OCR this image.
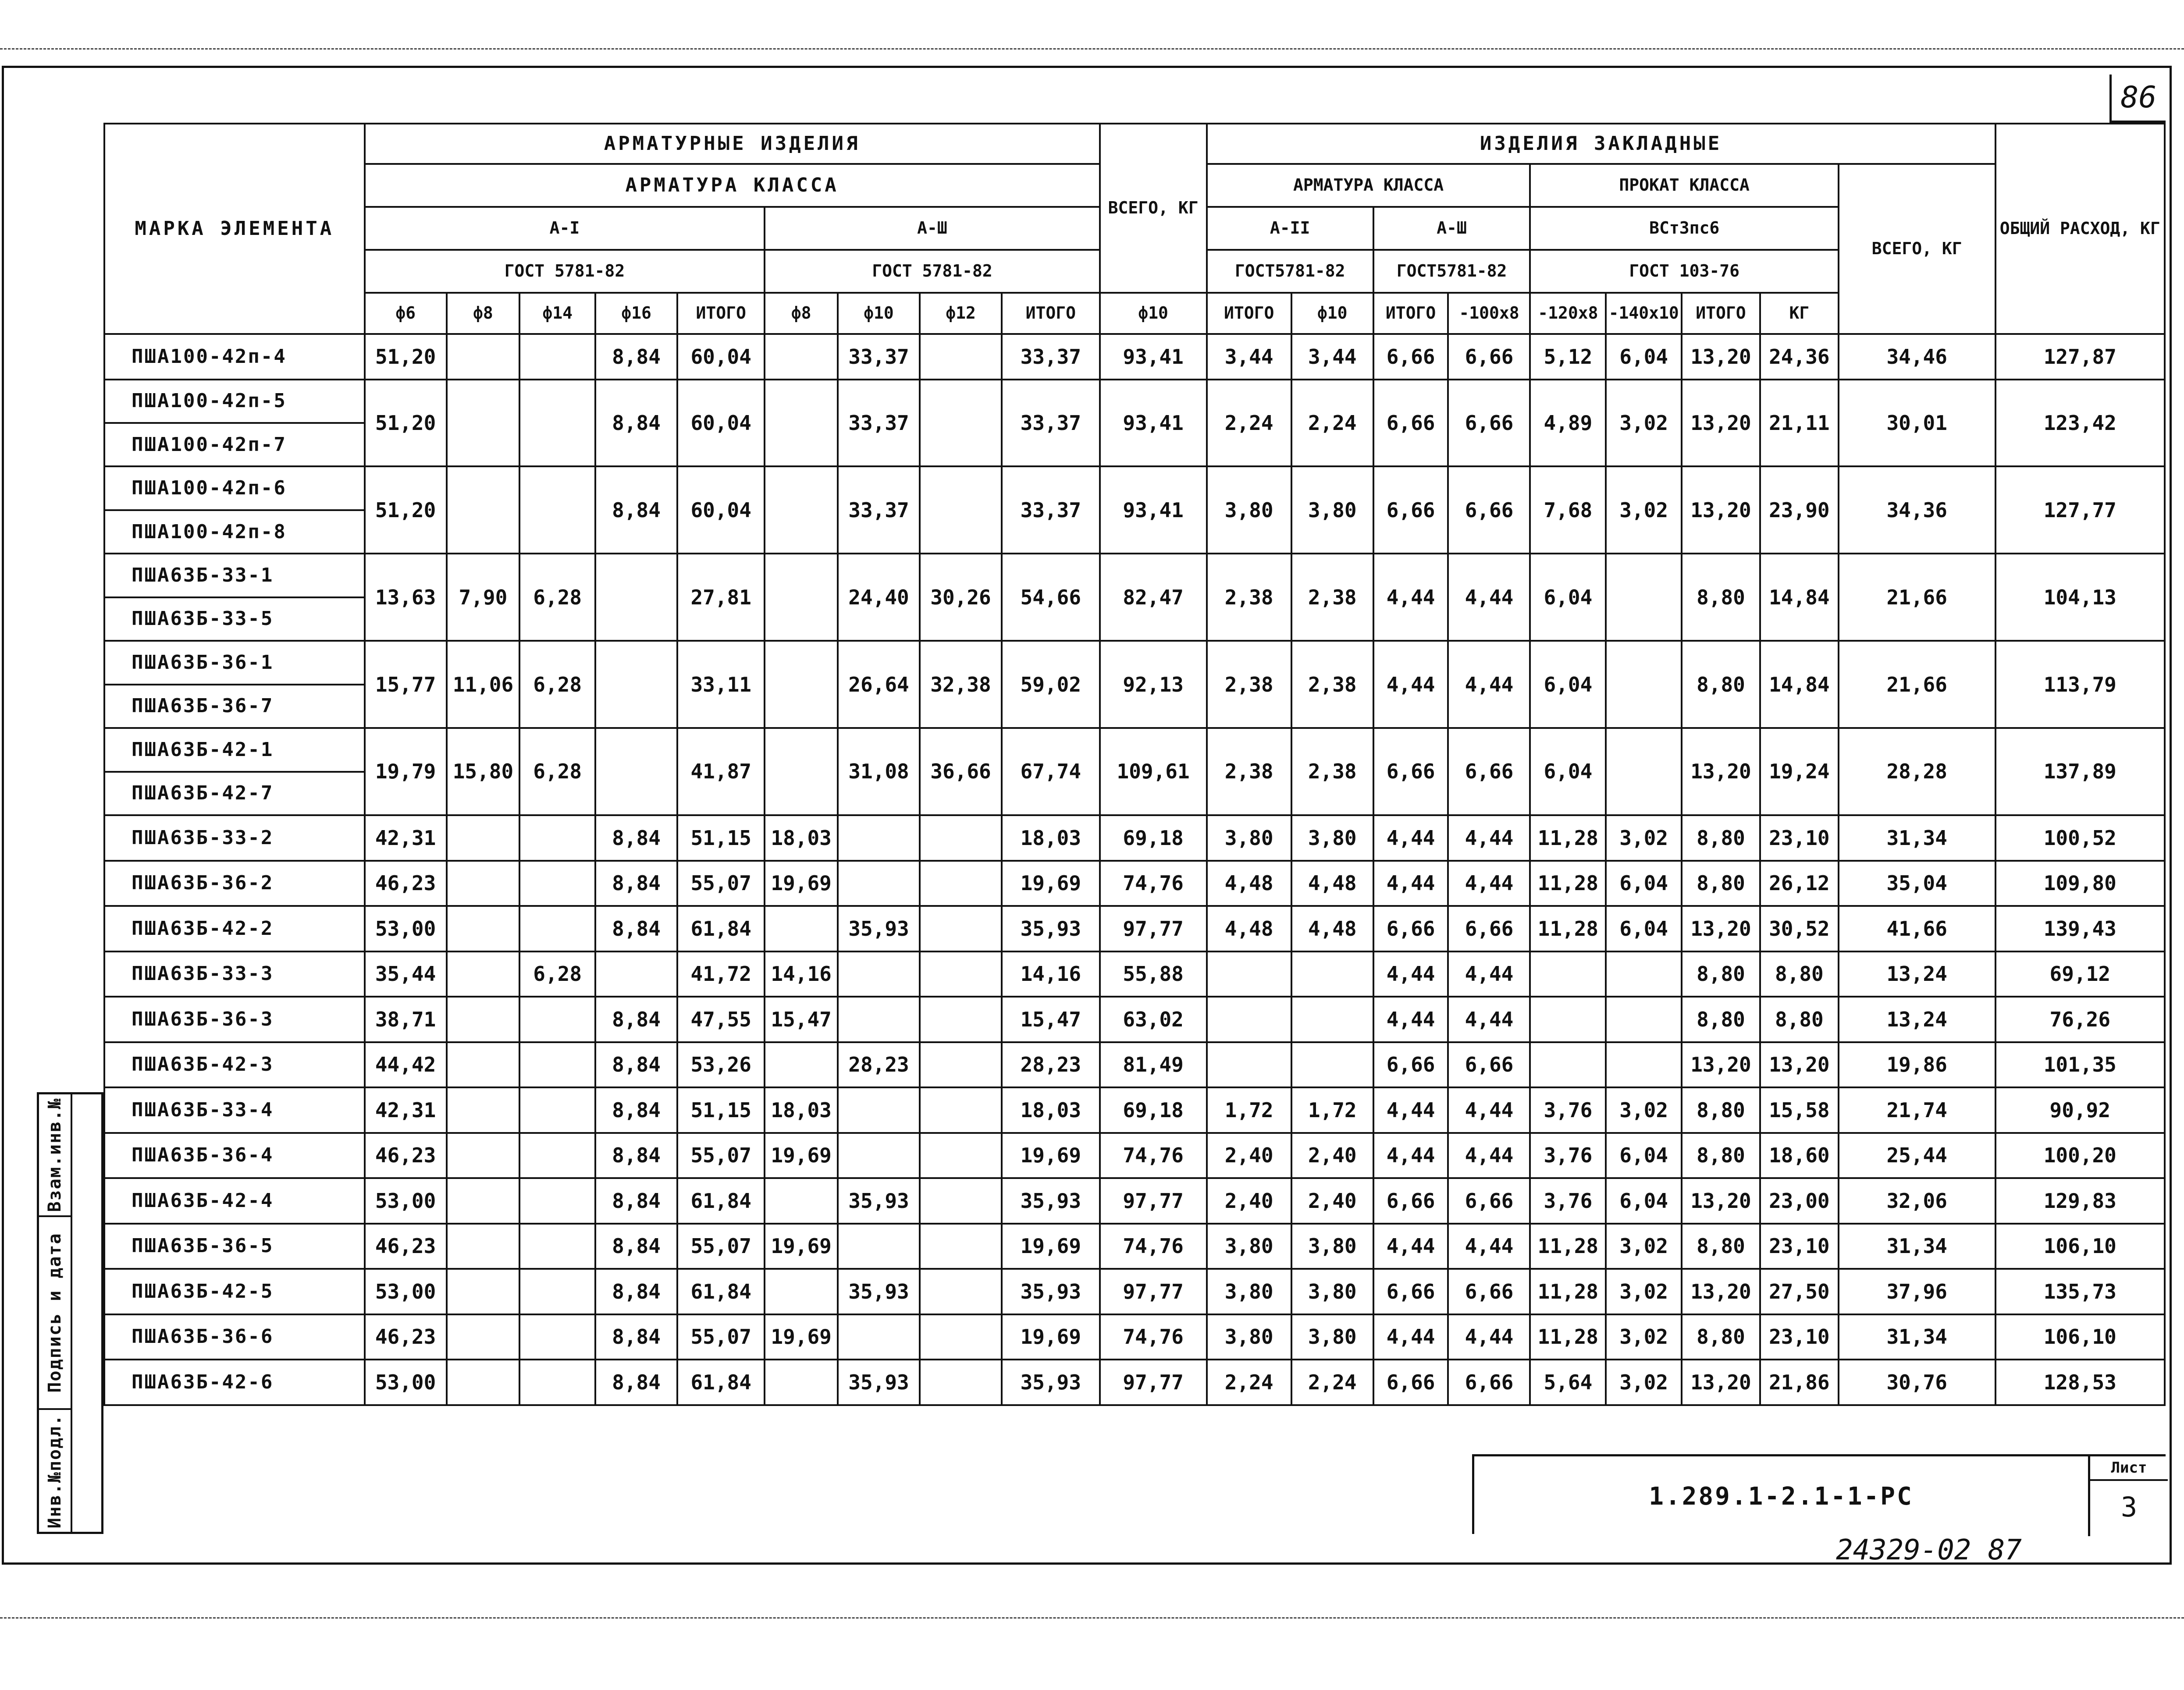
86
МАРКА ЭЛЕМЕНТА	АРМАТУРНЫЕ ИЗДЕЛИЯ									ВСЕГО, КГ	ИЗДЕЛИЯ ЗАКЛАДНЫЕ									ОБЩИЙ РАСХОД, КГ
	АРМАТУРА КЛАССА										АРМАТУРА КЛАССА				ПРОКАТ КЛАССА				ВСЕГО, КГ	
	А-I					А-Ш					А-II		А-Ш		ВСт3пс6					
	ГОСТ 5781-82					ГОСТ 5781-82					ГОСТ5781-82		ГОСТ5781-82		ГОСТ 103-76					
	ф6	ф8	ф14	ф16	ИТОГО	ф8	ф10	ф12	ИТОГО	ф10	ИТОГО	ф10	ИТОГО	-100х8	-120х8	-140х10	ИТОГО	КГ		
ПША100-42п-4	51,20			8,84	60,04		33,37		33,37	93,41	3,44	3,44	6,66	6,66	5,12	6,04	13,20	24,36	34,46	127,87
ПША100-42п-5	51,20			8,84	60,04		33,37		33,37	93,41	2,24	2,24	6,66	6,66	4,89	3,02	13,20	21,11	30,01	123,42
ПША100-42п-7																				
ПША100-42п-6	51,20			8,84	60,04		33,37		33,37	93,41	3,80	3,80	6,66	6,66	7,68	3,02	13,20	23,90	34,36	127,77
ПША100-42п-8																				
ПША63Б-33-1	13,63	7,90	6,28		27,81		24,40	30,26	54,66	82,47	2,38	2,38	4,44	4,44	6,04		8,80	14,84	21,66	104,13
ПША63Б-33-5																				
ПША63Б-36-1	15,77	11,06	6,28		33,11		26,64	32,38	59,02	92,13	2,38	2,38	4,44	4,44	6,04		8,80	14,84	21,66	113,79
ПША63Б-36-7																				
ПША63Б-42-1	19,79	15,80	6,28		41,87		31,08	36,66	67,74	109,61	2,38	2,38	6,66	6,66	6,04		13,20	19,24	28,28	137,89
ПША63Б-42-7																				
ПША63Б-33-2	42,31			8,84	51,15	18,03			18,03	69,18	3,80	3,80	4,44	4,44	11,28	3,02	8,80	23,10	31,34	100,52
ПША63Б-36-2	46,23			8,84	55,07	19,69			19,69	74,76	4,48	4,48	4,44	4,44	11,28	6,04	8,80	26,12	35,04	109,80
ПША63Б-42-2	53,00			8,84	61,84		35,93		35,93	97,77	4,48	4,48	6,66	6,66	11,28	6,04	13,20	30,52	41,66	139,43
ПША63Б-33-3	35,44		6,28		41,72	14,16			14,16	55,88			4,44	4,44			8,80	8,80	13,24	69,12
ПША63Б-36-3	38,71			8,84	47,55	15,47			15,47	63,02			4,44	4,44			8,80	8,80	13,24	76,26
ПША63Б-42-3	44,42			8,84	53,26		28,23		28,23	81,49			6,66	6,66			13,20	13,20	19,86	101,35
ПША63Б-33-4	42,31			8,84	51,15	18,03			18,03	69,18	1,72	1,72	4,44	4,44	3,76	3,02	8,80	15,58	21,74	90,92
ПША63Б-36-4	46,23			8,84	55,07	19,69			19,69	74,76	2,40	2,40	4,44	4,44	3,76	6,04	8,80	18,60	25,44	100,20
ПША63Б-42-4	53,00			8,84	61,84		35,93		35,93	97,77	2,40	2,40	6,66	6,66	3,76	6,04	13,20	23,00	32,06	129,83
ПША63Б-36-5	46,23			8,84	55,07	19,69			19,69	74,76	3,80	3,80	4,44	4,44	11,28	3,02	8,80	23,10	31,34	106,10
ПША63Б-42-5	53,00			8,84	61,84		35,93		35,93	97,77	3,80	3,80	6,66	6,66	11,28	3,02	13,20	27,50	37,96	135,73
ПША63Б-36-6	46,23			8,84	55,07	19,69			19,69	74,76	3,80	3,80	4,44	4,44	11,28	3,02	8,80	23,10	31,34	106,10
ПША63Б-42-6	53,00			8,84	61,84		35,93		35,93	97,77	2,24	2,24	6,66	6,66	5,64	3,02	13,20	21,86	30,76	128,53
Взам.инв.№
Подпись и дата
Инв.№подл.	1.289.1-2.1-1-РС
Лист
3
24329-02 87
